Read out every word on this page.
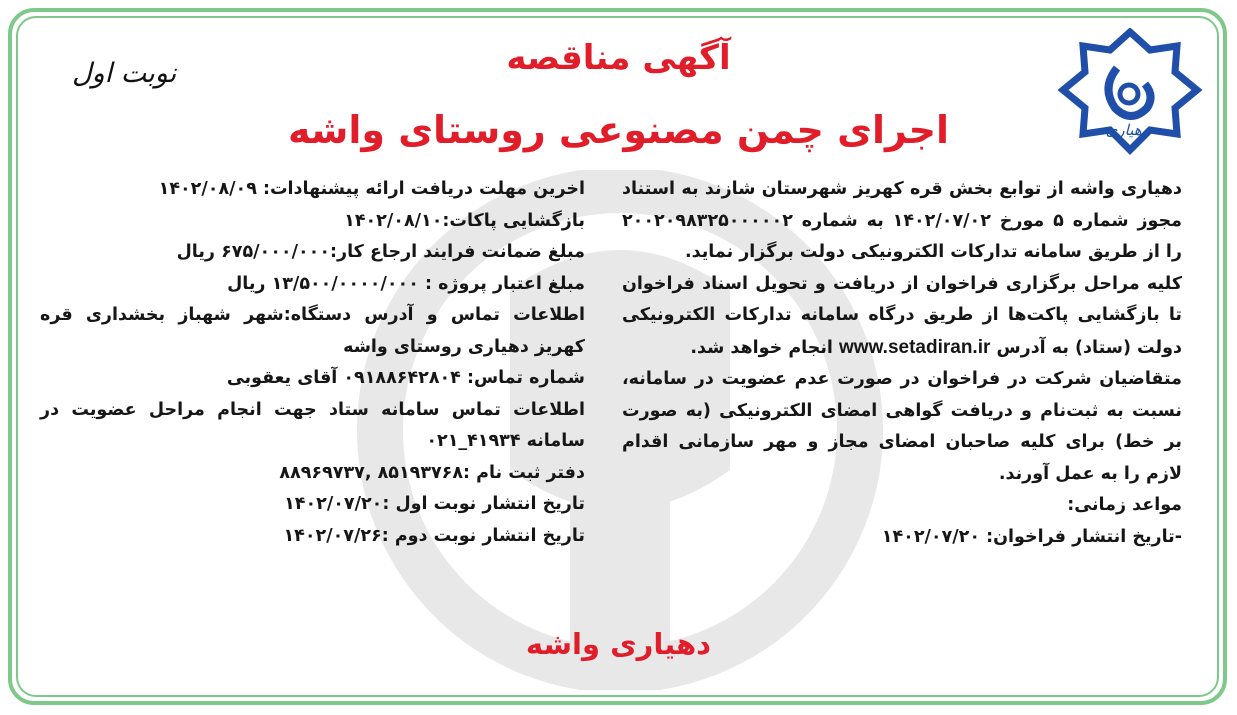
دهیاری
نوبت اول	آگهی مناقصه
اجرای چمن مصنوعی روستای واشه

دهیاری واشه از توابع بخش قره کهریز شهرستان شازند به استناد مجوز شماره ۵ مورخ ۱۴۰۲/۰۷/۰۲ به شماره ۲۰۰۲۰۹۸۳۲۵۰۰۰۰۰۲ را از طریق سامانه تدارکات الکترونیکی دولت برگزار نماید.

کلیه مراحل برگزاری فراخوان از دریافت و تحویل اسناد فراخوان تا بازگشایی پاکت‌ها از طریق درگاه سامانه تدارکات الکترونیکی دولت (ستاد) به آدرس www.setadiran.ir انجام خواهد شد.

متقاضیان شرکت در فراخوان در صورت عدم عضویت در سامانه، نسبت به ثبت‌نام و دریافت گواهی امضای الکترونیکی (به صورت بر خط) برای کلیه صاحبان امضای مجاز و مهر سازمانی اقدام لازم را به عمل آورند.

مواعد زمانی:

-تاریخ انتشار فراخوان: ۱۴۰۲/۰۷/۲۰

اخرین مهلت دریافت ارائه پیشنهادات: ۱۴۰۲/۰۸/۰۹

بازگشایی پاکات:۱۴۰۲/۰۸/۱۰

مبلغ ضمانت فرایند ارجاع کار:۶۷۵/۰۰۰/۰۰۰ ریال

مبلغ اعتبار پروژه : ۱۳/۵۰۰/۰۰۰۰/۰۰۰ ریال

اطلاعات تماس و آدرس دستگاه:شهر شهباز بخشداری قره کهریز دهیاری روستای واشه

شماره تماس: ۰۹۱۸۸۶۴۲۸۰۴ آقای یعقوبی

اطلاعات تماس سامانه ستاد جهت انجام مراحل عضویت در سامانه ۴۱۹۳۴_۰۲۱

دفتر ثبت نام :۸۵۱۹۳۷۶۸ ,۸۸۹۶۹۷۳۷

تاریخ انتشار نوبت اول :۱۴۰۲/۰۷/۲۰

تاریخ انتشار نوبت دوم :۱۴۰۲/۰۷/۲۶

دهیاری واشه
